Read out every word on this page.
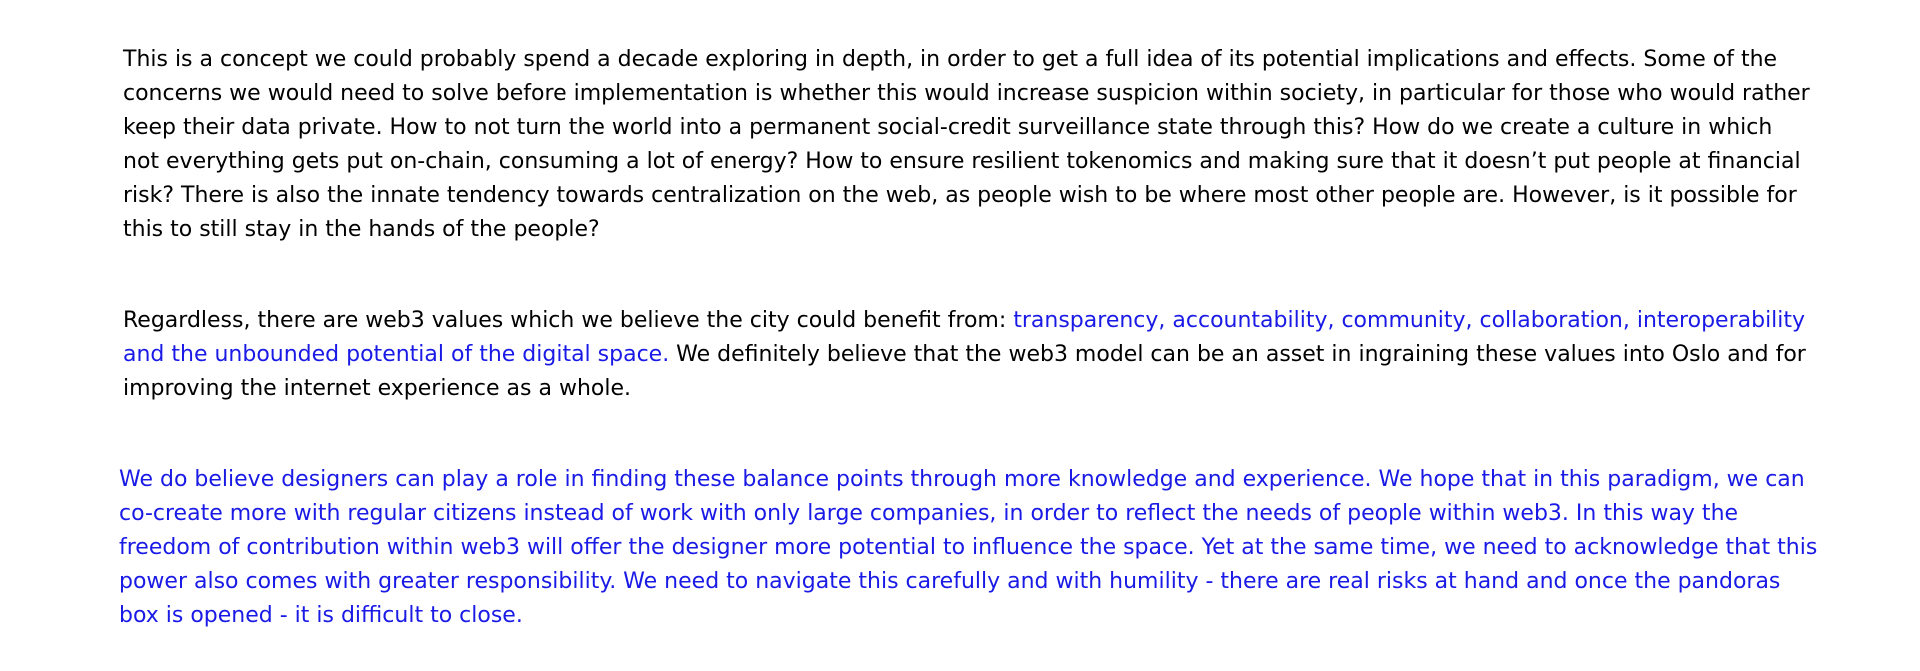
This is a concept we could probably spend a decade exploring in depth, in order to get a full idea of its potential implications and effects. Some of the concerns we would need to solve before implementation is whether this would increase suspicion within society, in particular for those who would rather keep their data private. How to not turn the world into a permanent social-credit surveillance state through this? How do we create a culture in which not everything gets put on-chain, consuming a lot of energy? How to ensure resilient tokenomics and making sure that it doesn’t put people at financial risk? There is also the innate tendency towards centralization on the web, as people wish to be where most other people are. However, is it possible for this to still stay in the hands of the people?

Regardless, there are web3 values which we believe the city could benefit from: transparency, accountability, community, collaboration, interoperability and the unbounded potential of the digital space. We definitely believe that the web3 model can be an asset in ingraining these values into Oslo and for improving the internet experience as a whole.

We do believe designers can play a role in finding these balance points through more knowledge and experience. We hope that in this paradigm, we can co-create more with regular citizens instead of work with only large companies, in order to reflect the needs of people within web3. In this way the freedom of contribution within web3 will offer the designer more potential to influence the space. Yet at the same time, we need to acknowledge that this power also comes with greater responsibility. We need to navigate this carefully and with humility - there are real risks at hand and once the pandoras box is opened - it is difficult to close.
